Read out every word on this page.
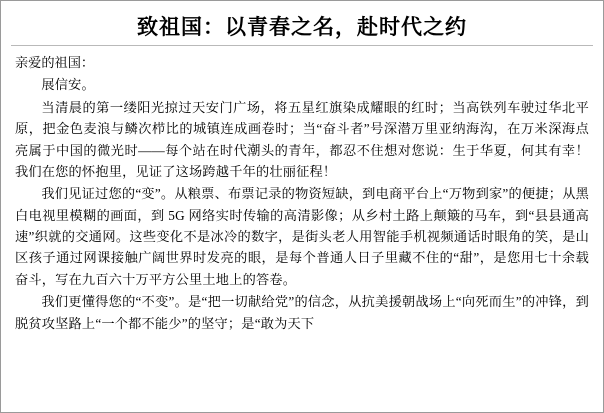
致祖国：以青春之名，赴时代之约

亲爱的祖国：

展信安。

当清晨的第一缕阳光掠过天安门广场，将五星红旗染成耀眼的红时；当高铁列车驶过华北平原，把金色麦浪与鳞次栉比的城镇连成画卷时；当“奋斗者”号深潜万里亚纳海沟，在万米深海点亮属于中国的微光时——每个站在时代潮头的青年，都忍不住想对您说：生于华夏，何其有幸！我们在您的怀抱里，见证了这场跨越千年的壮丽征程！

我们见证过您的“变”。从粮票、布票记录的物资短缺，到电商平台上“万物到家”的便捷；从黑白电视里模糊的画面，到 5G 网络实时传输的高清影像；从乡村土路上颠簸的马车，到“县县通高速”织就的交通网。这些变化不是冰冷的数字，是街头老人用智能手机视频通话时眼角的笑，是山区孩子通过网课接触广阔世界时发亮的眼，是每个普通人日子里藏不住的“甜”，是您用七十余载奋斗，写在九百六十万平方公里土地上的答卷。

我们更懂得您的“不变”。是“把一切献给党”的信念，从抗美援朝战场上“向死而生”的冲锋，到脱贫攻坚路上“一个都不能少”的坚守；是“敢为天下
